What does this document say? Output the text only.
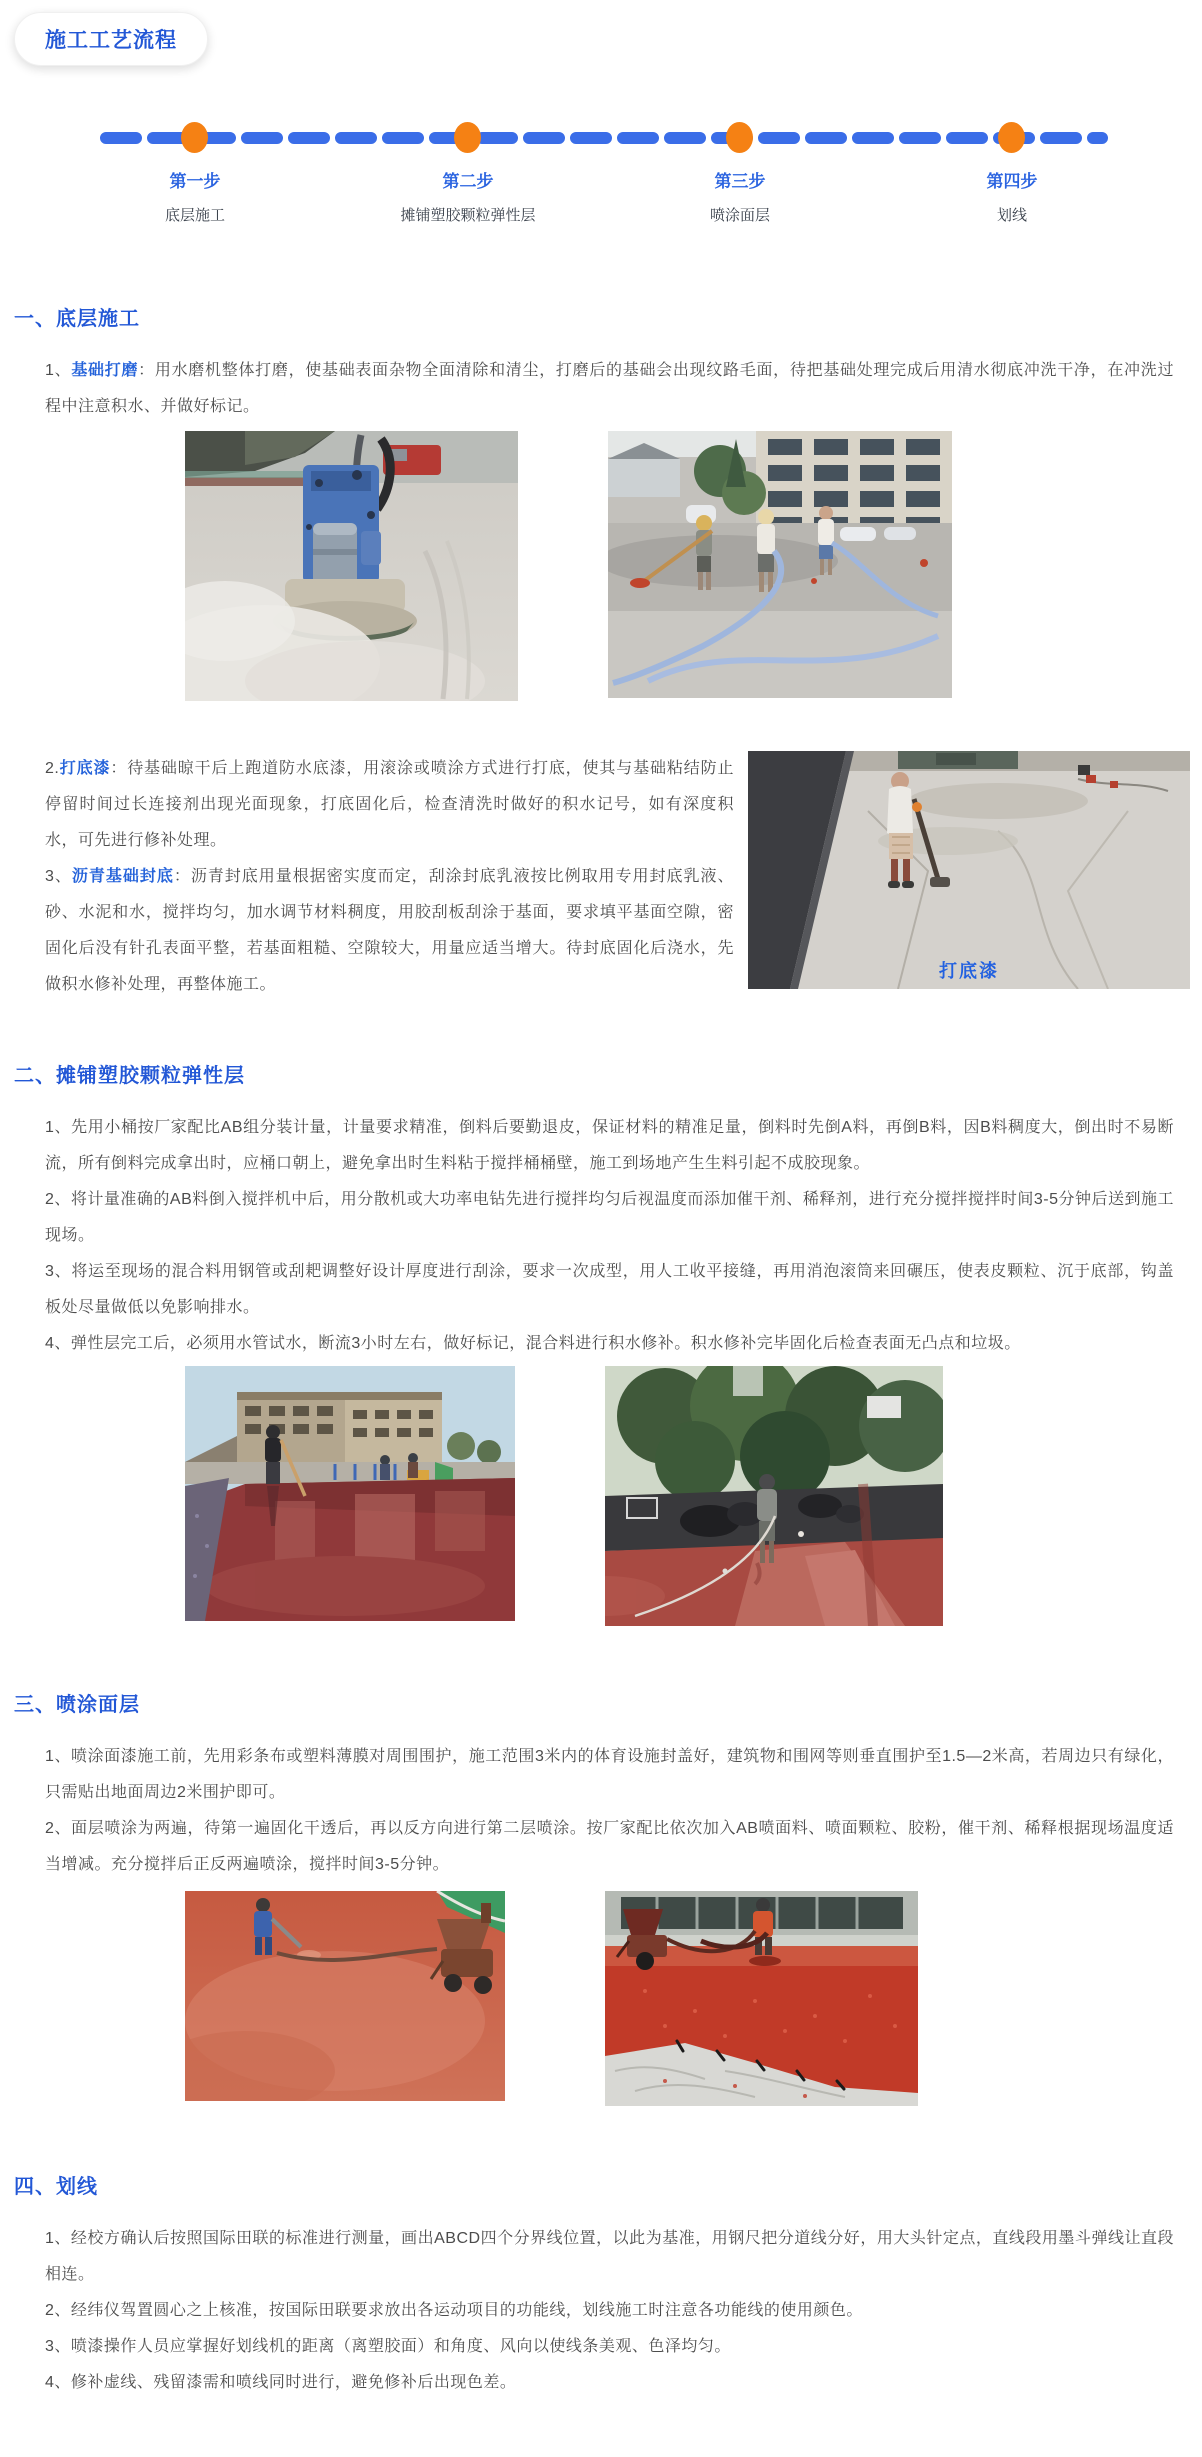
施工工艺流程
第一步	第二步	第三步	第四步
底层施工	摊铺塑胶颗粒弹性层	喷涂面层	划线
一、底层施工

1、基础打磨：用水磨机整体打磨，使基础表面杂物全面清除和清尘，打磨后的基础会出现纹路毛面，待把基础处理完成后用清水彻底冲洗干净，在冲洗过程中注意积水、并做好标记。

2.打底漆：待基础晾干后上跑道防水底漆，用滚涂或喷涂方式进行打底，使其与基础粘结防止停留时间过长连接剂出现光面现象，打底固化后，检查清洗时做好的积水记号，如有深度积水，可先进行修补处理。

3、沥青基础封底：沥青封底用量根据密实度而定，刮涂封底乳液按比例取用专用封底乳液、砂、水泥和水，搅拌均匀，加水调节材料稠度，用胶刮板刮涂于基面，要求填平基面空隙，密固化后没有针孔表面平整，若基面粗糙、空隙较大，用量应适当增大。待封底固化后浇水，先做积水修补处理，再整体施工。

打底漆
二、摊铺塑胶颗粒弹性层

1、先用小桶按厂家配比AB组分装计量，计量要求精准，倒料后要勤退皮，保证材料的精准足量，倒料时先倒A料，再倒B料，因B料稠度大，倒出时不易断流，所有倒料完成拿出时，应桶口朝上，避免拿出时生料粘于搅拌桶桶壁，施工到场地产生生料引起不成胶现象。

2、将计量准确的AB料倒入搅拌机中后，用分散机或大功率电钻先进行搅拌均匀后视温度而添加催干剂、稀释剂，进行充分搅拌搅拌时间3-5分钟后送到施工现场。

3、将运至现场的混合料用钢管或刮耙调整好设计厚度进行刮涂，要求一次成型，用人工收平接缝，再用消泡滚筒来回碾压，使表皮颗粒、沉于底部，钩盖板处尽量做低以免影响排水。

4、弹性层完工后，必须用水管试水，断流3小时左右，做好标记，混合料进行积水修补。积水修补完毕固化后检查表面无凸点和垃圾。

三、喷涂面层

1、喷涂面漆施工前，先用彩条布或塑料薄膜对周围围护，施工范围3米内的体育设施封盖好，建筑物和围网等则垂直围护至1.5—2米高，若周边只有绿化，只需贴出地面周边2米围护即可。

2、面层喷涂为两遍，待第一遍固化干透后，再以反方向进行第二层喷涂。按厂家配比依次加入AB喷面料、喷面颗粒、胶粉，催干剂、稀释根据现场温度适当增减。充分搅拌后正反两遍喷涂，搅拌时间3-5分钟。

四、划线

1、经校方确认后按照国际田联的标准进行测量，画出ABCD四个分界线位置，以此为基准，用钢尺把分道线分好，用大头针定点，直线段用墨斗弹线让直段相连。

2、经纬仪驾置圆心之上核准，按国际田联要求放出各运动项目的功能线，划线施工时注意各功能线的使用颜色。

3、喷漆操作人员应掌握好划线机的距离（离塑胶面）和角度、风向以使线条美观、色泽均匀。

4、修补虚线、残留漆需和喷线同时进行，避免修补后出现色差。
